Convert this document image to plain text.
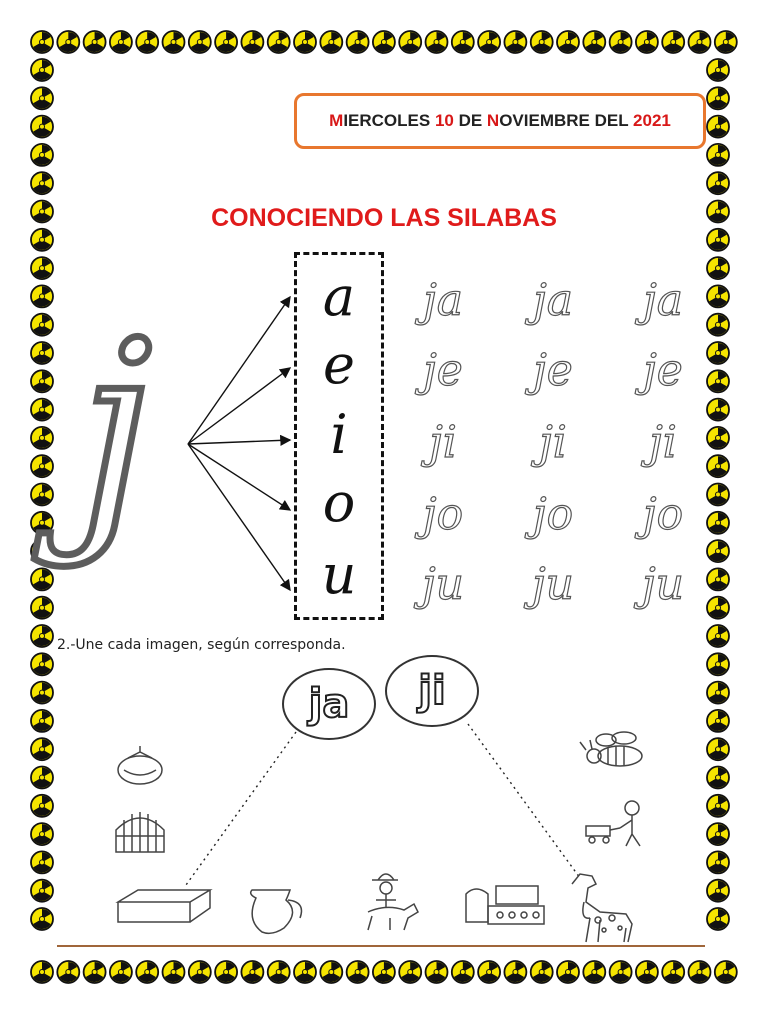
MIERCOLES 10 DE NOVIEMBRE DEL 2021
CONOCIENDO LAS SILABAS
j	a
e
i
o
u
ja	ja	ja
je	je	je
ji	ji	ji
jo	jo	jo
ju	ju	ju
2.-Une cada imagen, según corresponda.
ja ji
